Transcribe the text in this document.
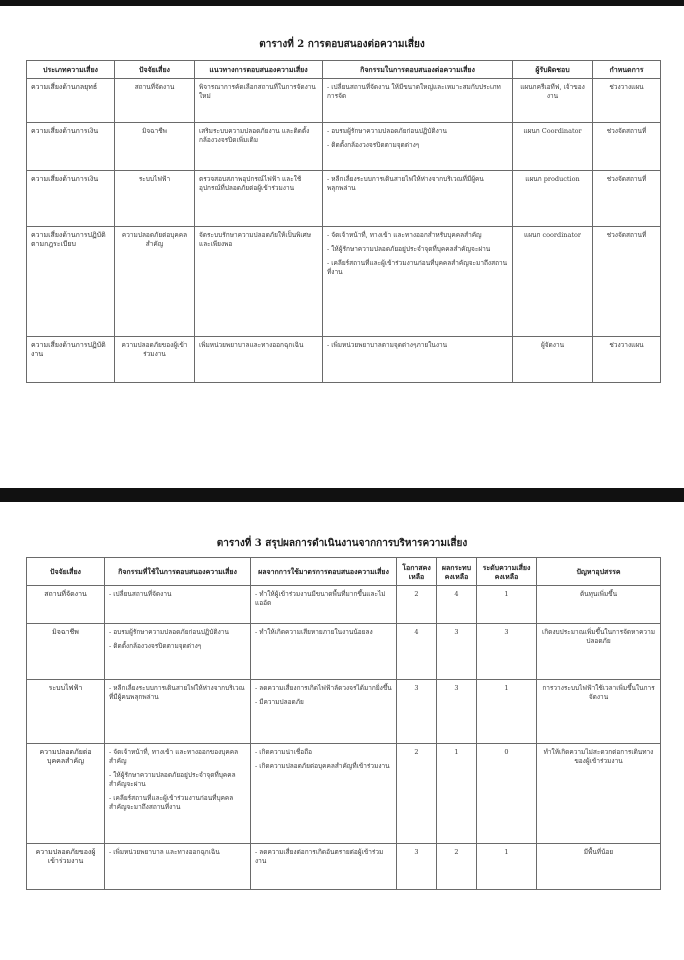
ตารางที่ 2 การตอบสนองต่อความเสี่ยง
ประเภทความเสี่ยง	ปัจจัยเสี่ยง	แนวทางการตอบสนองความเสี่ยง	กิจกรรมในการตอบสนองต่อความเสี่ยง	ผู้รับผิดชอบ	กำหนดการ
ความเสี่ยงด้านกลยุทธ์	สถานที่จัดงาน	พิจารณาการคัดเลือกสถานที่ในการจัดงานใหม่	- เปลี่ยนสถานที่จัดงาน ให้มีขนาดใหญ่และเหมาะสมกับประเภทการจัด	แผนกครีเอทีฟ, เจ้าของงาน	ช่วงวางแผน
ความเสี่ยงด้านการเงิน	มิจฉาชีพ	เสริมระบบความปลอดภัยงาน และติดตั้งกล้องวงจรปิดเพิ่มเติม	- อบรมผู้รักษาความปลอดภัยก่อนปฏิบัติงาน
- ติดตั้งกล้องวงจรปิดตามจุดต่างๆ	แผนก Coordinator	ช่วงจัดสถานที่
ความเสี่ยงด้านการเงิน	ระบบไฟฟ้า	ตรวจสอบสภาพอุปกรณ์ไฟฟ้า และใช้อุปกรณ์ที่ปลอดภัยต่อผู้เข้าร่วมงาน	- หลีกเลี่ยงระบบการเดินสายไฟให้ห่างจากบริเวณที่มีผู้คนพลุกพล่าน	แผนก production	ช่วงจัดสถานที่
ความเสี่ยงด้านการปฏิบัติตามกฎระเบียบ	ความปลอดภัยต่อบุคคลสำคัญ	จัดระบบรักษาความปลอดภัยให้เป็นพิเศษและเพียงพอ	- จัดเจ้าหน้าที่, ทางเข้า และทางออกสำหรับบุคคลสำคัญ
- ให้ผู้รักษาความปลอดภัยอยู่ประจำจุดที่บุคคลสำคัญจะผ่าน
- เคลียร์สถานที่และผู้เข้าร่วมงานก่อนที่บุคคลสำคัญจะมาถึงสถานที่งาน	แผนก coordinator	ช่วงจัดสถานที่
ความเสี่ยงด้านการปฏิบัติงาน	ความปลอดภัยของผู้เข้าร่วมงาน	เพิ่มหน่วยพยาบาลและทางออกฉุกเฉิน	- เพิ่มหน่วยพยาบาลตามจุดต่างๆภายในงาน	ผู้จัดงาน	ช่วงวางแผน
ตารางที่ 3 สรุปผลการดำเนินงานจากการบริหารความเสี่ยง
ปัจจัยเสี่ยง	กิจกรรมที่ใช้ในการตอบสนองความเสี่ยง	ผลจากการใช้มาตรการตอบสนองความเสี่ยง	โอกาสคงเหลือ	ผลกระทบคงเหลือ	ระดับความเสี่ยงคงเหลือ	ปัญหาอุปสรรค
สถานที่จัดงาน	- เปลี่ยนสถานที่จัดงาน	- ทำให้ผู้เข้าร่วมงานมีขนาดพื้นที่มากขึ้นและไม่แออัด	2	4	1	ต้นทุนเพิ่มขึ้น
มิจฉาชีพ	- อบรมผู้รักษาความปลอดภัยก่อนปฏิบัติงาน
- ติดตั้งกล้องวงจรปิดตามจุดต่างๆ	- ทำให้เกิดความเสียหายภายในงานน้อยลง	4	3	3	เกิดงบประมาณเพิ่มขึ้นในการจัดหาความปลอดภัย
ระบบไฟฟ้า	- หลีกเลี่ยงระบบการเดินสายไฟให้ห่างจากบริเวณที่มีผู้คนพลุกพล่าน	- ลดความเสี่ยงการเกิดไฟฟ้าลัดวงจรได้มากยิ่งขึ้น
- มีความปลอดภัย	3	3	1	การวางระบบไฟฟ้าใช้เวลาเพิ่มขึ้นในการจัดงาน
ความปลอดภัยต่อบุคคลสำคัญ	- จัดเจ้าหน้าที่, ทางเข้า และทางออกของบุคคลสำคัญ
- ให้ผู้รักษาความปลอดภัยอยู่ประจำจุดที่บุคคลสำคัญจะผ่าน
- เคลียร์สถานที่และผู้เข้าร่วมงานก่อนที่บุคคลสำคัญจะมาถึงสถานที่งาน	- เกิดความน่าเชื่อถือ
- เกิดความปลอดภัยต่อบุคคลสำคัญที่เข้าร่วมงาน	2	1	0	ทำให้เกิดความไม่สะดวกต่อการเดินทางของผู้เข้าร่วมงาน
ความปลอดภัยของผู้เข้าร่วมงาน	- เพิ่มหน่วยพยาบาล และทางออกฉุกเฉิน	- ลดความเสี่ยงต่อการเกิดอันตรายต่อผู้เข้าร่วมงาน	3	2	1	มีพื้นที่น้อย
